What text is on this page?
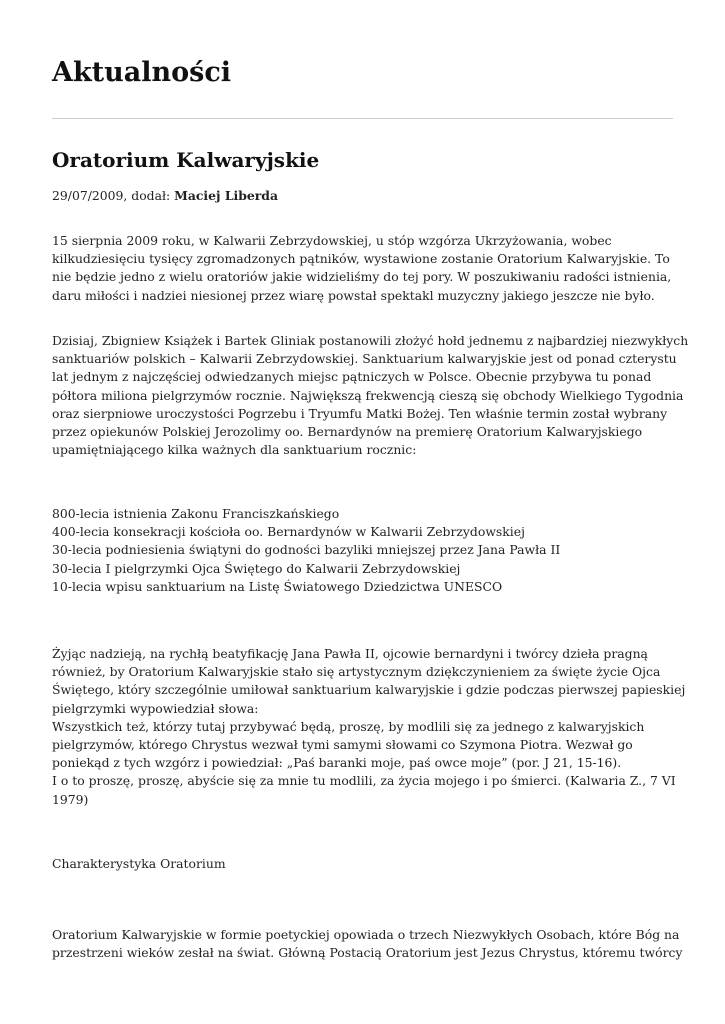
Aktualności
Oratorium Kalwaryjskie
29/07/2009, dodał: Maciej Liberda

15 sierpnia 2009 roku, w Kalwarii Zebrzydowskiej, u stóp wzgórza Ukrzyżowania, wobec
kilkudziesięciu tysięcy zgromadzonych pątników, wystawione zostanie Oratorium Kalwaryjskie. To
nie będzie jedno z wielu oratoriów jakie widzieliśmy do tej pory. W poszukiwaniu radości istnienia,
daru miłości i nadziei niesionej przez wiarę powstał spektakl muzyczny jakiego jeszcze nie było.

Dzisiaj, Zbigniew Książek i Bartek Gliniak postanowili złożyć hołd jednemu z najbardziej niezwykłych
sanktuariów polskich – Kalwarii Zebrzydowskiej. Sanktuarium kalwaryjskie jest od ponad czterystu
lat jednym z najczęściej odwiedzanych miejsc pątniczych w Polsce. Obecnie przybywa tu ponad
półtora miliona pielgrzymów rocznie. Największą frekwencją cieszą się obchody Wielkiego Tygodnia
oraz sierpniowe uroczystości Pogrzebu i Tryumfu Matki Bożej. Ten właśnie termin został wybrany
przez opiekunów Polskiej Jerozolimy oo. Bernardynów na premierę Oratorium Kalwaryjskiego
upamiętniającego kilka ważnych dla sanktuarium rocznic:

800-lecia istnienia Zakonu Franciszkańskiego
400-lecia konsekracji kościoła oo. Bernardynów w Kalwarii Zebrzydowskiej
30-lecia podniesienia świątyni do godności bazyliki mniejszej przez Jana Pawła II
30-lecia I pielgrzymki Ojca Świętego do Kalwarii Zebrzydowskiej
10-lecia wpisu sanktuarium na Listę Światowego Dziedzictwa UNESCO

Żyjąc nadzieją, na rychłą beatyfikację Jana Pawła II, ojcowie bernardyni i twórcy dzieła pragną
również, by Oratorium Kalwaryjskie stało się artystycznym dziękczynieniem za święte życie Ojca
Świętego, który szczególnie umiłował sanktuarium kalwaryjskie i gdzie podczas pierwszej papieskiej
pielgrzymki wypowiedział słowa:
Wszystkich też, którzy tutaj przybywać będą, proszę, by modlili się za jednego z kalwaryjskich
pielgrzymów, którego Chrystus wezwał tymi samymi słowami co Szymona Piotra. Wezwał go
poniekąd z tych wzgórz i powiedział: „Paś baranki moje, paś owce moje” (por. J 21, 15-16).
I o to proszę, proszę, abyście się za mnie tu modlili, za życia mojego i po śmierci. (Kalwaria Z., 7 VI
1979)

Charakterystyka Oratorium

Oratorium Kalwaryjskie w formie poetyckiej opowiada o trzech Niezwykłych Osobach, które Bóg na
przestrzeni wieków zesłał na świat. Główną Postacią Oratorium jest Jezus Chrystus, któremu twórcy
